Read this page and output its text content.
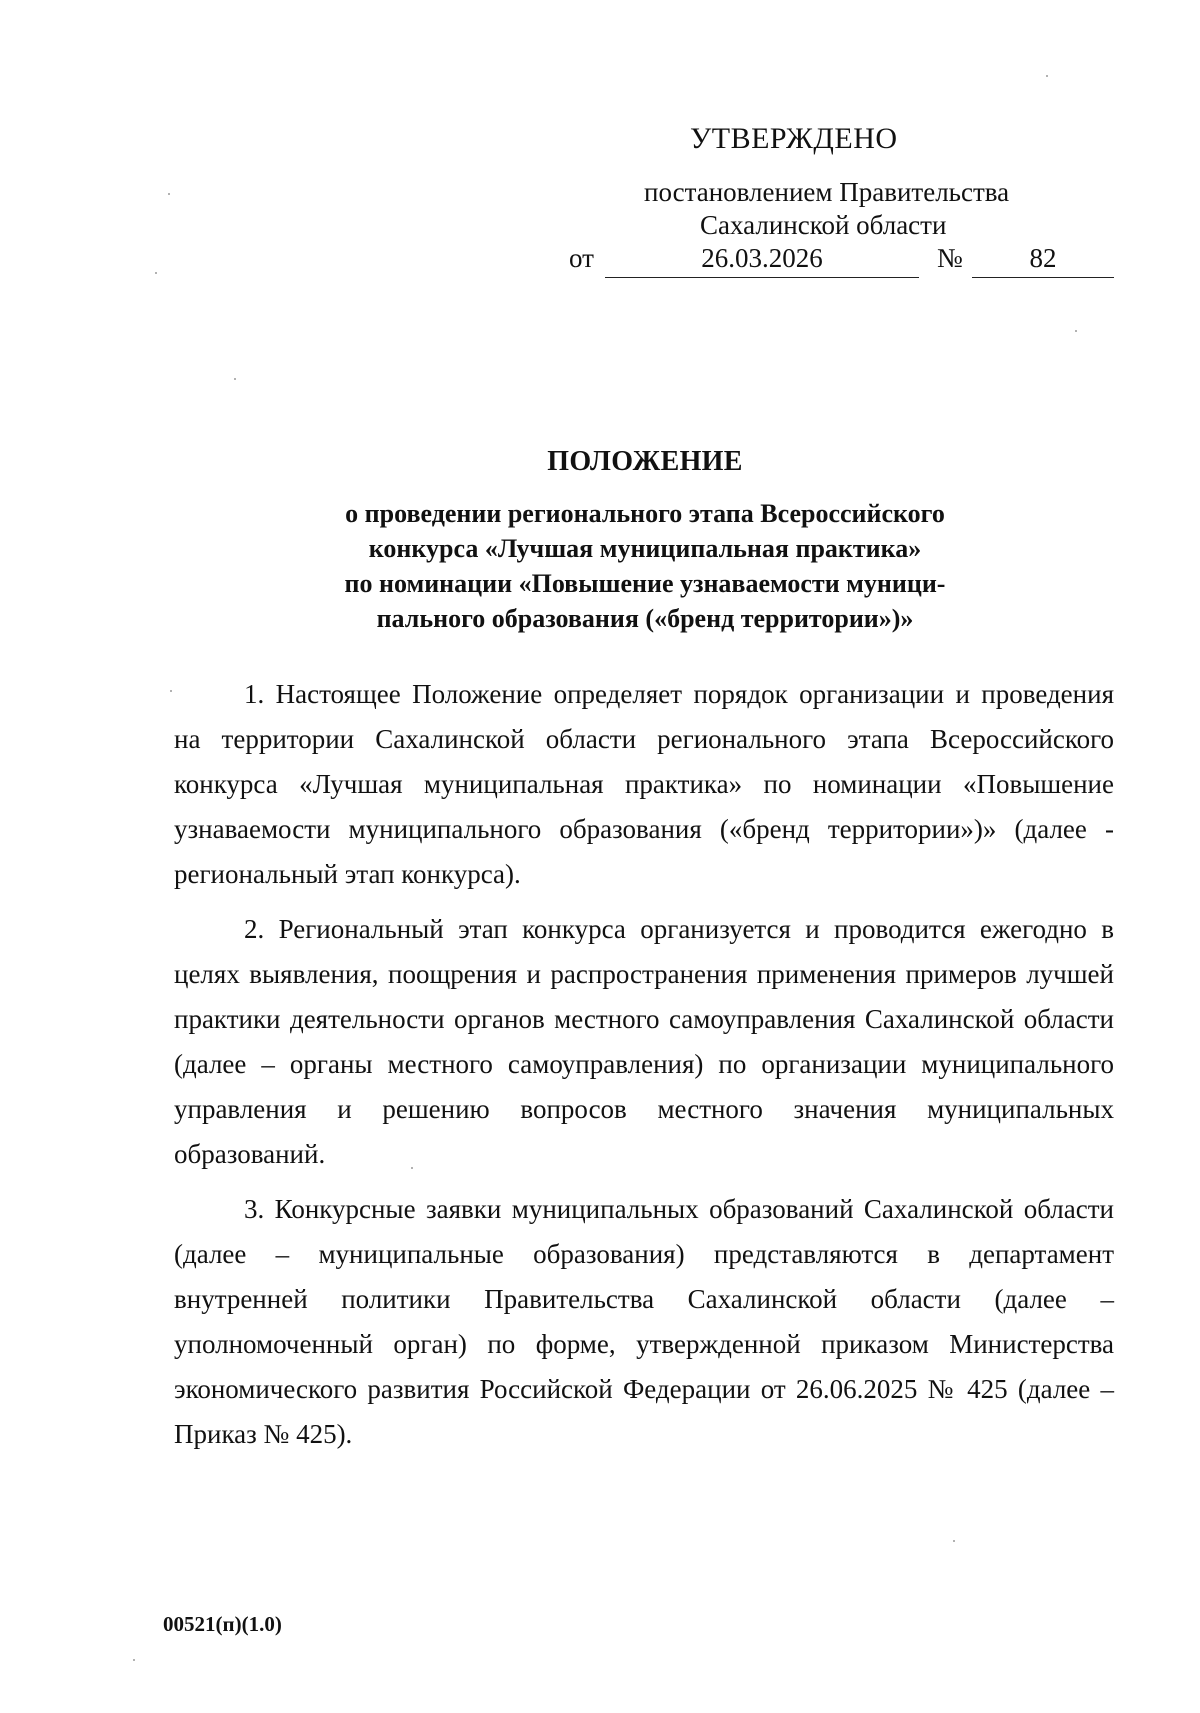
УТВЕРЖДЕНО
постановлением Правительства
Сахалинской области
от	26.03.2026	№	82
ПОЛОЖЕНИЕ
о проведении регионального этапа Всероссийского
конкурса «Лучшая муниципальная практика»
по номинации «Повышение узнаваемости муници-
пального образования («бренд территории»)»

1. Настоящее Положение определяет порядок организации и проведения на территории Сахалинской области регионального этапа Всероссийского конкурса «Лучшая муниципальная практика» по номинации «Повышение узнаваемости муниципального образования («бренд территории»)» (далее - региональный этап конкурса).

2. Региональный этап конкурса организуется и проводится ежегодно в целях выявления, поощрения и распространения применения примеров лучшей практики деятельности органов местного самоуправления Сахалинской области (далее – органы местного самоуправления) по организации муниципального управления и решению вопросов местного значения муниципальных образований.

3. Конкурсные заявки муниципальных образований Сахалинской области (далее – муниципальные образования) представляются в департамент внутренней политики Правительства Сахалинской области (далее – уполномоченный орган) по форме, утвержденной приказом Министерства экономического развития Российской Федерации от 26.06.2025 № 425 (далее – Приказ № 425).

00521(п)(1.0)
